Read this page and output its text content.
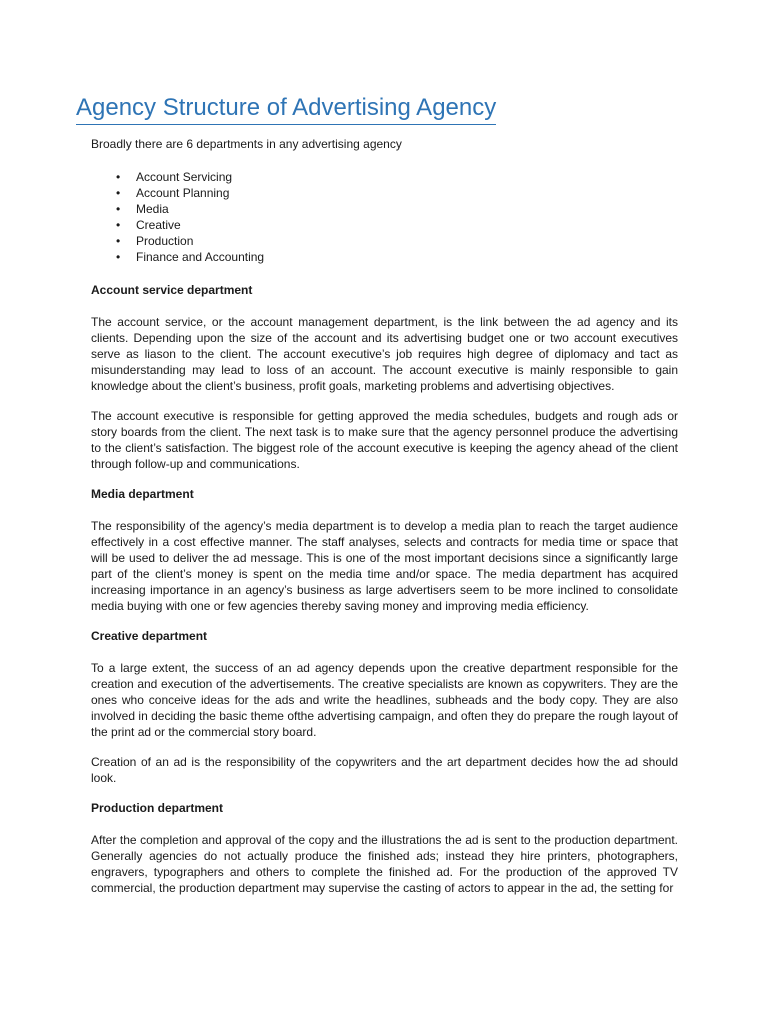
Agency Structure of Advertising Agency

Broadly there are 6 departments in any advertising agency

• Account Servicing
• Account Planning
• Media
• Creative
• Production
• Finance and Accounting
Account service department

The account service, or the account management department, is the link between the ad agency and its clients. Depending upon the size of the account and its advertising budget one or two account executives serve as liason to the client. The account executive’s job requires high degree of diplomacy and tact as misunderstanding may lead to loss of an account. The account executive is mainly responsible to gain knowledge about the client’s business, profit goals, marketing problems and advertising objectives.

The account executive is responsible for getting approved the media schedules, budgets and rough ads or story boards from the client. The next task is to make sure that the agency personnel produce the advertising to the client’s satisfaction. The biggest role of the account executive is keeping the agency ahead of the client through follow-up and communications.

Media department

The responsibility of the agency’s media department is to develop a media plan to reach the target audience effectively in a cost effective manner. The staff analyses, selects and contracts for media time or space that will be used to deliver the ad message. This is one of the most important decisions since a significantly large part of the client’s money is spent on the media time and/or space. The media department has acquired increasing importance in an agency’s business as large advertisers seem to be more inclined to consolidate media buying with one or few agencies thereby saving money and improving media efficiency.

Creative department

To a large extent, the success of an ad agency depends upon the creative department responsible for the creation and execution of the advertisements. The creative specialists are known as copywriters. They are the ones who conceive ideas for the ads and write the headlines, subheads and the body copy. They are also involved in deciding the basic theme ofthe advertising campaign, and often they do prepare the rough layout of the print ad or the commercial story board.

Creation of an ad is the responsibility of the copywriters and the art department decides how the ad should look.

Production department

After the completion and approval of the copy and the illustrations the ad is sent to the production department. Generally agencies do not actually produce the finished ads; instead they hire printers, photographers, engravers, typographers and others to complete the finished ad. For the production of the approved TV commercial, the production department may supervise the casting of actors to appear in the ad, the setting for
